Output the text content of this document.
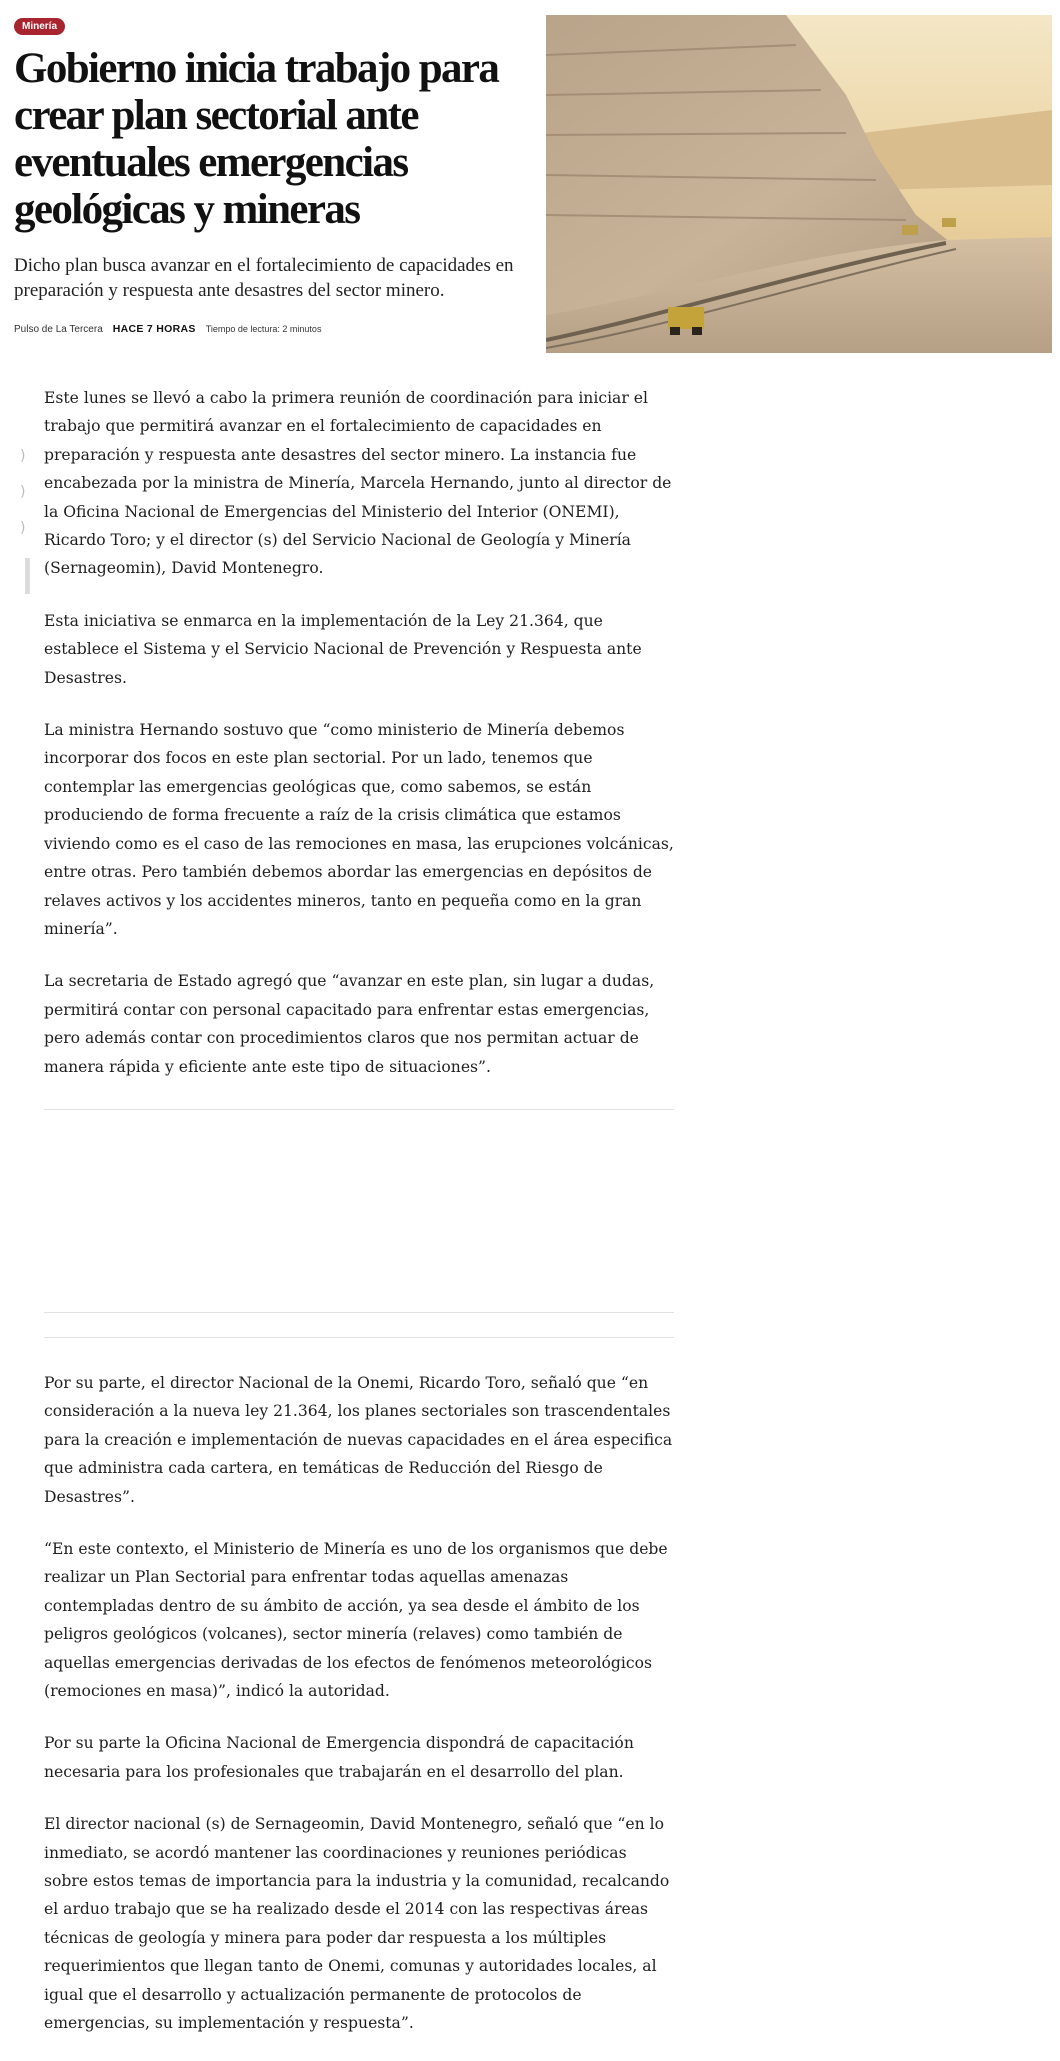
Minería
Gobierno inicia trabajo para crear plan sectorial ante eventuales emergencias geológicas y mineras

Dicho plan busca avanzar en el fortalecimiento de capacidades en preparación y respuesta ante desastres del sector minero.

Pulso de La Tercera HACE 7 HORAS Tiempo de lectura: 2 minutos
)
)
)

Este lunes se llevó a cabo la primera reunión de coordinación para iniciar el trabajo que permitirá avanzar en el fortalecimiento de capacidades en preparación y respuesta ante desastres del sector minero. La instancia fue encabezada por la ministra de Minería, Marcela Hernando, junto al director de la Oficina Nacional de Emergencias del Ministerio del Interior (ONEMI), Ricardo Toro; y el director (s) del Servicio Nacional de Geología y Minería (Sernageomin), David Montenegro.

Esta iniciativa se enmarca en la implementación de la Ley 21.364, que establece el Sistema y el Servicio Nacional de Prevención y Respuesta ante Desastres.

La ministra Hernando sostuvo que “como ministerio de Minería debemos incorporar dos focos en este plan sectorial. Por un lado, tenemos que contemplar las emergencias geológicas que, como sabemos, se están produciendo de forma frecuente a raíz de la crisis climática que estamos viviendo como es el caso de las remociones en masa, las erupciones volcánicas, entre otras. Pero también debemos abordar las emergencias en depósitos de relaves activos y los accidentes mineros, tanto en pequeña como en la gran minería”.

La secretaria de Estado agregó que “avanzar en este plan, sin lugar a dudas, permitirá contar con personal capacitado para enfrentar estas emergencias, pero además contar con procedimientos claros que nos permitan actuar de manera rápida y eficiente ante este tipo de situaciones”.

Por su parte, el director Nacional de la Onemi, Ricardo Toro, señaló que “en consideración a la nueva ley 21.364, los planes sectoriales son trascendentales para la creación e implementación de nuevas capacidades en el área especifica que administra cada cartera, en temáticas de Reducción del Riesgo de Desastres”.

“En este contexto, el Ministerio de Minería es uno de los organismos que debe realizar un Plan Sectorial para enfrentar todas aquellas amenazas contempladas dentro de su ámbito de acción, ya sea desde el ámbito de los peligros geológicos (volcanes), sector minería (relaves) como también de aquellas emergencias derivadas de los efectos de fenómenos meteorológicos (remociones en masa)”, indicó la autoridad.

Por su parte la Oficina Nacional de Emergencia dispondrá de capacitación necesaria para los profesionales que trabajarán en el desarrollo del plan.

El director nacional (s) de Sernageomin, David Montenegro, señaló que “en lo inmediato, se acordó mantener las coordinaciones y reuniones periódicas sobre estos temas de importancia para la industria y la comunidad, recalcando el arduo trabajo que se ha realizado desde el 2014 con las respectivas áreas técnicas de geología y minera para poder dar respuesta a los múltiples requerimientos que llegan tanto de Onemi, comunas y autoridades locales, al igual que el desarrollo y actualización permanente de protocolos de emergencias, su implementación y respuesta”.
